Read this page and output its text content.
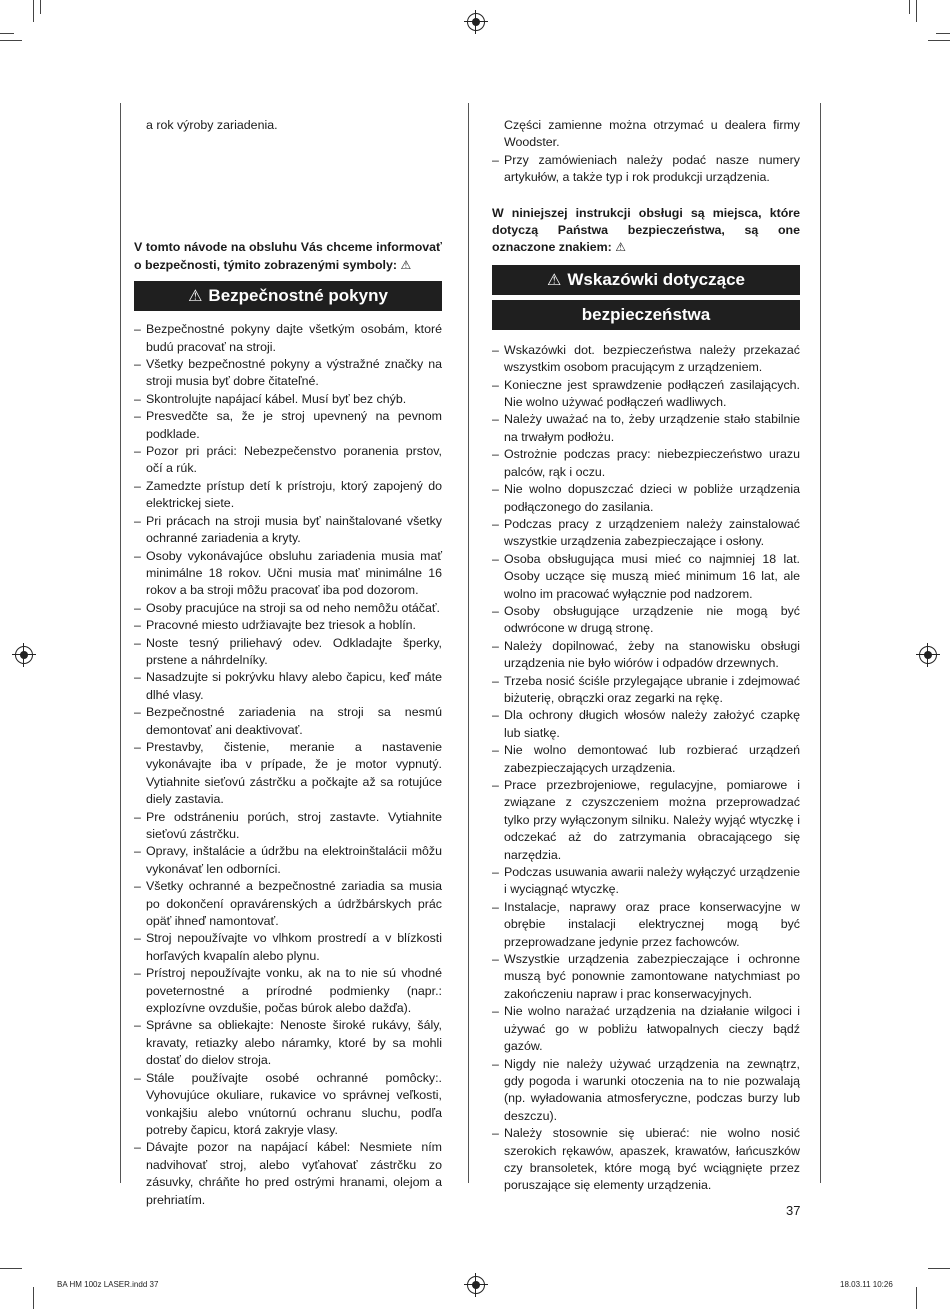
a rok výroby zariadenia.

V tomto návode na obsluhu Vás chceme informovať o bezpečnosti, týmito zobrazenými symboly: ⚠

⚠ Bezpečnostné pokyny
– Bezpečnostné pokyny dajte všetkým osobám, ktoré budú pracovať na stroji.
– Všetky bezpečnostné pokyny a výstražné značky na stroji musia byť dobre čitateľné.
– Skontrolujte napájací kábel. Musí byť bez chýb.
– Presvedčte sa, že je stroj upevnený na pevnom podklade.
– Pozor pri práci: Nebezpečenstvo poranenia prstov, očí a rúk.
– Zamedzte prístup detí k prístroju, ktorý zapojený do elektrickej siete.
– Pri prácach na stroji musia byť nainštalované všetky ochranné zariadenia a kryty.
– Osoby vykonávajúce obsluhu zariadenia musia mať minimálne 18 rokov. Učni musia mať minimálne 16 rokov a ba stroji môžu pracovať iba pod dozorom.
– Osoby pracujúce na stroji sa od neho nemôžu otáčať.
– Pracovné miesto udržiavajte bez triesok a hoblín.
– Noste tesný priliehavý odev. Odkladajte šperky, prstene a náhrdelníky.
– Nasadzujte si pokrývku hlavy alebo čapicu, keď máte dlhé vlasy.
– Bezpečnostné zariadenia na stroji sa nesmú demontovať ani deaktivovať.
– Prestavby, čistenie, meranie a nastavenie vykonávajte iba v prípade, že je motor vypnutý. Vytiahnite sieťovú zástrčku a počkajte až sa rotujúce diely zastavia.
– Pre odstráneniu porúch, stroj zastavte. Vytiahnite sieťovú zástrčku.
– Opravy, inštalácie a údržbu na elektroinštalácii môžu vykonávať len odborníci.
– Všetky ochranné a bezpečnostné zariadia sa musia po dokončení opravárenských a údržbárskych prác opäť ihneď namontovať.
– Stroj nepoužívajte vo vlhkom prostredí a v blízkosti horľavých kvapalín alebo plynu.
– Prístroj nepoužívajte vonku, ak na to nie sú vhodné poveternostné a prírodné podmienky (napr.: explozívne ovzdušie, počas búrok alebo dažďa).
– Správne sa obliekajte: Nenoste široké rukávy, šály, kravaty, retiazky alebo náramky, ktoré by sa mohli dostať do dielov stroja.
– Stále používajte osobé ochranné pomôcky:. Vyhovujúce okuliare, rukavice vo správnej veľkosti, vonkajšiu alebo vnútornú ochranu sluchu, podľa potreby čapicu, ktorá zakryje vlasy.
– Dávajte pozor na napájací kábel: Nesmiete ním nadvihovať stroj, alebo vyťahovať zástrčku zo zásuvky, chráňte ho pred ostrými hranami, olejom a prehriatím.

Części zamienne można otrzymać u dealera firmy Woodster.

– Przy zamówieniach należy podać nasze numery artykułów, a także typ i rok produkcji urządzenia.

W niniejszej instrukcji obsługi są miejsca, które dotyczą Państwa bezpieczeństwa, są one oznaczone znakiem: ⚠

⚠ Wskazówki dotyczące
bezpieczeństwa
– Wskazówki dot. bezpieczeństwa należy przekazać wszystkim osobom pracującym z urządzeniem.
– Konieczne jest sprawdzenie podłączeń zasilających. Nie wolno używać podłączeń wadliwych.
– Należy uważać na to, żeby urządzenie stało stabilnie na trwałym podłożu.
– Ostrożnie podczas pracy: niebezpieczeństwo urazu palców, rąk i oczu.
– Nie wolno dopuszczać dzieci w pobliże urządzenia podłączonego do zasilania.
– Podczas pracy z urządzeniem należy zainstalować wszystkie urządzenia zabezpieczające i osłony.
– Osoba obsługująca musi mieć co najmniej 18 lat. Osoby uczące się muszą mieć minimum 16 lat, ale wolno im pracować wyłącznie pod nadzorem.
– Osoby obsługujące urządzenie nie mogą być odwrócone w drugą stronę.
– Należy dopilnować, żeby na stanowisku obsługi urządzenia nie było wiórów i odpadów drzewnych.
– Trzeba nosić ściśle przylegające ubranie i zdejmować biżuterię, obrączki oraz zegarki na rękę.
– Dla ochrony długich włosów należy założyć czapkę lub siatkę.
– Nie wolno demontować lub rozbierać urządzeń zabezpieczających urządzenia.
– Prace przezbrojeniowe, regulacyjne, pomiarowe i związane z czyszczeniem można przeprowadzać tylko przy wyłączonym silniku. Należy wyjąć wtyczkę i odczekać aż do zatrzymania obracającego się narzędzia.
– Podczas usuwania awarii należy wyłączyć urządzenie i wyciągnąć wtyczkę.
– Instalacje, naprawy oraz prace konserwacyjne w obrębie instalacji elektrycznej mogą być przeprowadzane jedynie przez fachowców.
– Wszystkie urządzenia zabezpieczające i ochronne muszą być ponownie zamontowane natychmiast po zakończeniu napraw i prac konserwacyjnych.
– Nie wolno narażać urządzenia na działanie wilgoci i używać go w pobliżu łatwopalnych cieczy bądź gazów.
– Nigdy nie należy używać urządzenia na zewnątrz, gdy pogoda i warunki otoczenia na to nie pozwalają (np. wyładowania atmosferyczne, podczas burzy lub deszczu).
– Należy stosownie się ubierać: nie wolno nosić szerokich rękawów, apaszek, krawatów, łańcuszków czy bransoletek, które mogą być wciągnięte przez poruszające się elementy urządzenia.
37
BA HM 100z LASER.indd 37	18.03.11 10:26
